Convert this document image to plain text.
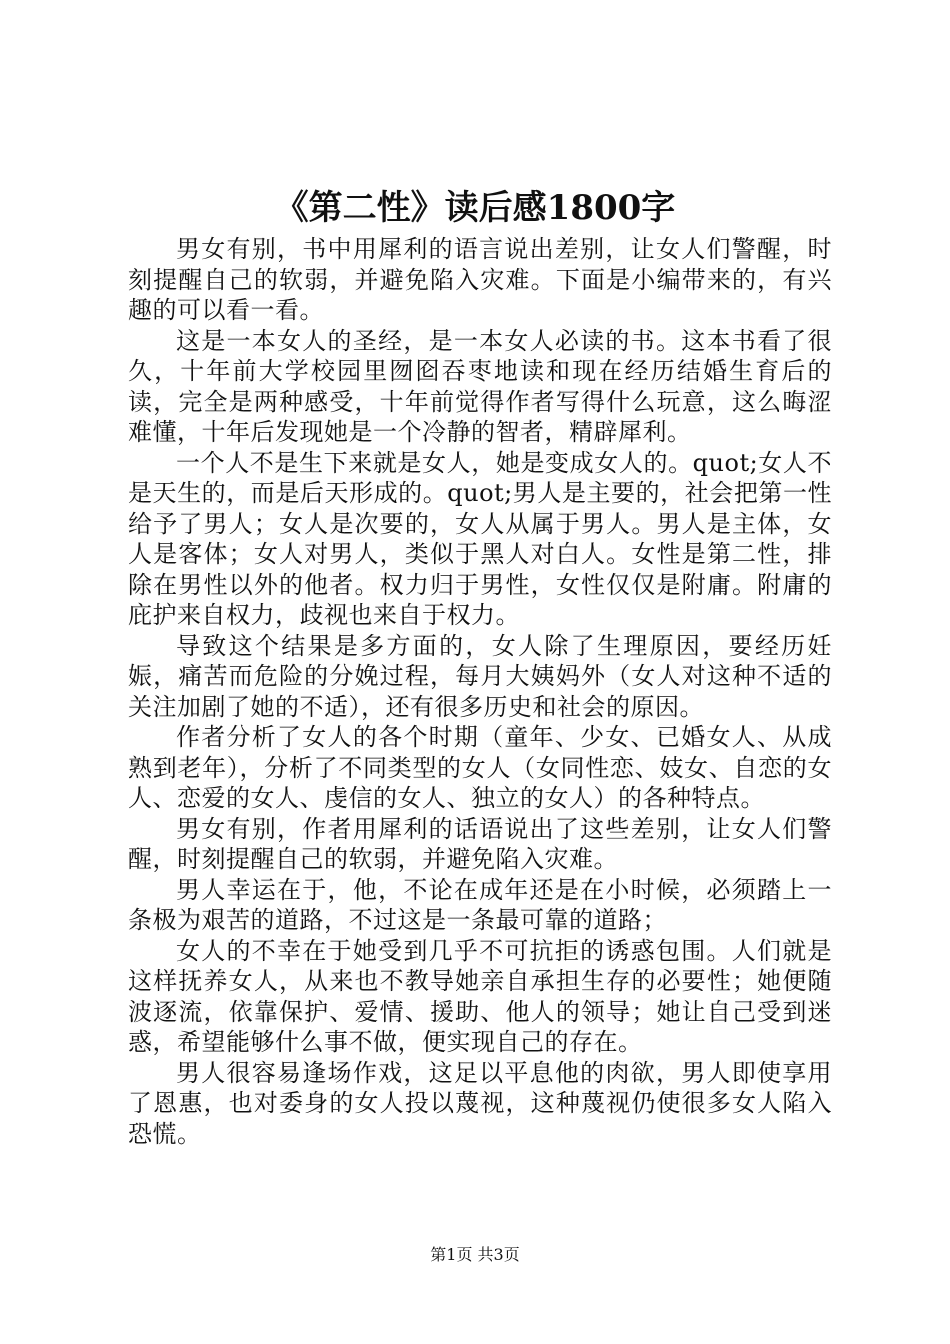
《第二性》读后感1800字

男女有别，书中用犀利的语言说出差别，让女人们警醒，时刻提醒自己的软弱，并避免陷入灾难。下面是小编带来的，有兴趣的可以看一看。

这是一本女人的圣经，是一本女人必读的书。这本书看了很久，十年前大学校园里囫囵吞枣地读和现在经历结婚生育后的读，完全是两种感受，十年前觉得作者写得什么玩意，这么晦涩难懂，十年后发现她是一个冷静的智者，精辟犀利。

一个人不是生下来就是女人，她是变成女人的。quot;女人不是天生的，而是后天形成的。quot;男人是主要的，社会把第一性给予了男人；女人是次要的，女人从属于男人。男人是主体，女人是客体；女人对男人，类似于黑人对白人。女性是第二性，排除在男性以外的他者。权力归于男性，女性仅仅是附庸。附庸的庇护来自权力，歧视也来自于权力。

导致这个结果是多方面的，女人除了生理原因，要经历妊娠，痛苦而危险的分娩过程，每月大姨妈外（女人对这种不适的关注加剧了她的不适），还有很多历史和社会的原因。

作者分析了女人的各个时期（童年、少女、已婚女人、从成熟到老年），分析了不同类型的女人（女同性恋、妓女、自恋的女人、恋爱的女人、虔信的女人、独立的女人）的各种特点。

男女有别，作者用犀利的话语说出了这些差别，让女人们警醒，时刻提醒自己的软弱，并避免陷入灾难。

男人幸运在于，他，不论在成年还是在小时候，必须踏上一条极为艰苦的道路，不过这是一条最可靠的道路；

女人的不幸在于她受到几乎不可抗拒的诱惑包围。人们就是这样抚养女人，从来也不教导她亲自承担生存的必要性；她便随波逐流，依靠保护、爱情、援助、他人的领导；她让自己受到迷惑，希望能够什么事不做，便实现自己的存在。

男人很容易逢场作戏，这足以平息他的肉欲，男人即使享用了恩惠，也对委身的女人投以蔑视，这种蔑视仍使很多女人陷入恐慌。

第1页 共3页
